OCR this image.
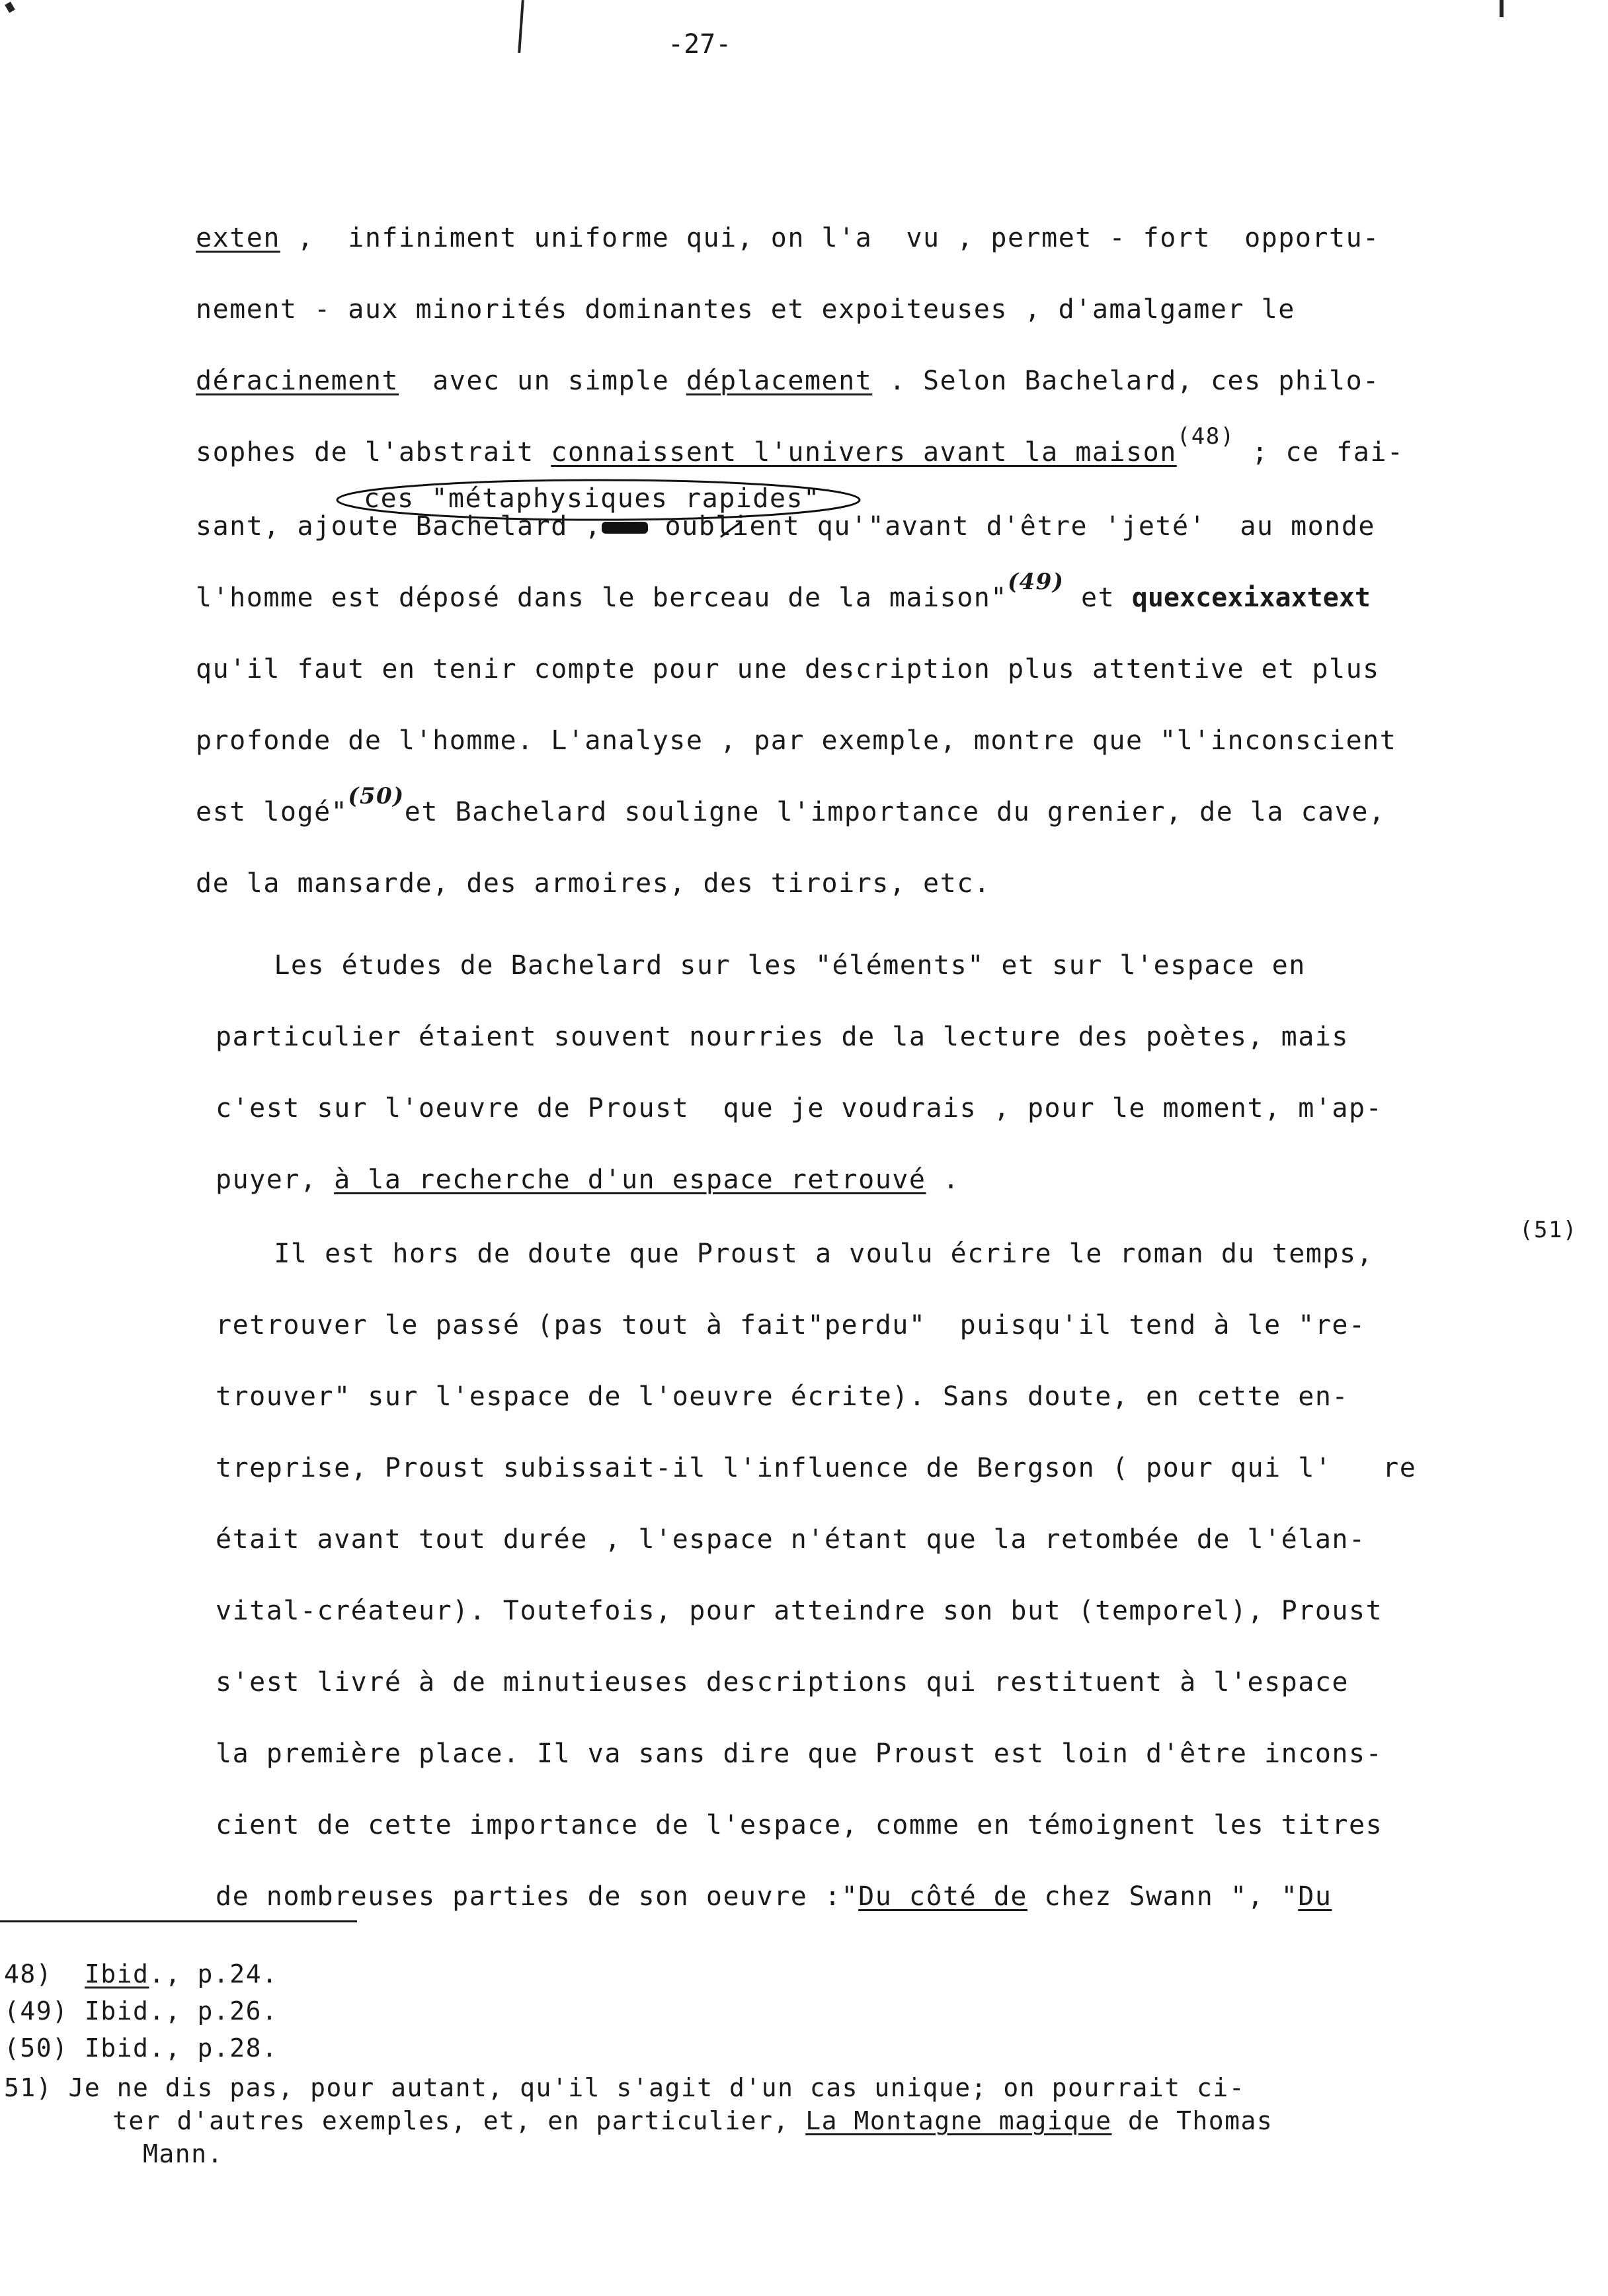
-27-
exten ,  infiniment uniforme qui, on l'a  vu , permet - fort  opportu-
nement - aux minorités dominantes et expoiteuses , d'amalgamer le
déracinement  avec un simple déplacement . Selon Bachelard, ces philo-
sophes de l'abstrait connaissent l'univers avant la maison$^{(48)}$ ; ce fai-
ces "métaphysiques rapides"
sant, ajoute Bachelard , oublient qu'"avant d'être 'jeté'  au monde
l'homme est déposé dans le berceau de la maison"$^{(49)}$ et quexcexixaxtext
qu'il faut en tenir compte pour une description plus attentive et plus
profonde de l'homme. L'analyse , par exemple, montre que "l'inconscient
est logé"$^{(50)}$et Bachelard souligne l'importance du grenier, de la cave,
de la mansarde, des armoires, des tiroirs, etc.
Les études de Bachelard sur les "éléments" et sur l'espace en
particulier étaient souvent nourries de la lecture des poètes, mais
c'est sur l'oeuvre de Proust  que je voudrais , pour le moment, m'ap-
puyer, à la recherche d'un espace retrouvé .
(51)
Il est hors de doute que Proust a voulu écrire le roman du temps,
retrouver le passé (pas tout à fait"perdu"  puisqu'il tend à le "re-
trouver" sur l'espace de l'oeuvre écrite). Sans doute, en cette en-
treprise, Proust subissait-il l'influence de Bergson ( pour qui l'   re
était avant tout durée , l'espace n'étant que la retombée de l'élan-
vital-créateur). Toutefois, pour atteindre son but (temporel), Proust
s'est livré à de minutieuses descriptions qui restituent à l'espace
la première place. Il va sans dire que Proust est loin d'être incons-
cient de cette importance de l'espace, comme en témoignent les titres
de nombreuses parties de son oeuvre :"Du côté de chez Swann ", "Du
48) Ibid., p.24.
(49) Ibid., p.26.
(50) Ibid., p.28.
51) Je ne dis pas, pour autant, qu'il s'agit d'un cas unique; on pourrait ci-
ter d'autres exemples, et, en particulier, La Montagne magique de Thomas
Mann.
